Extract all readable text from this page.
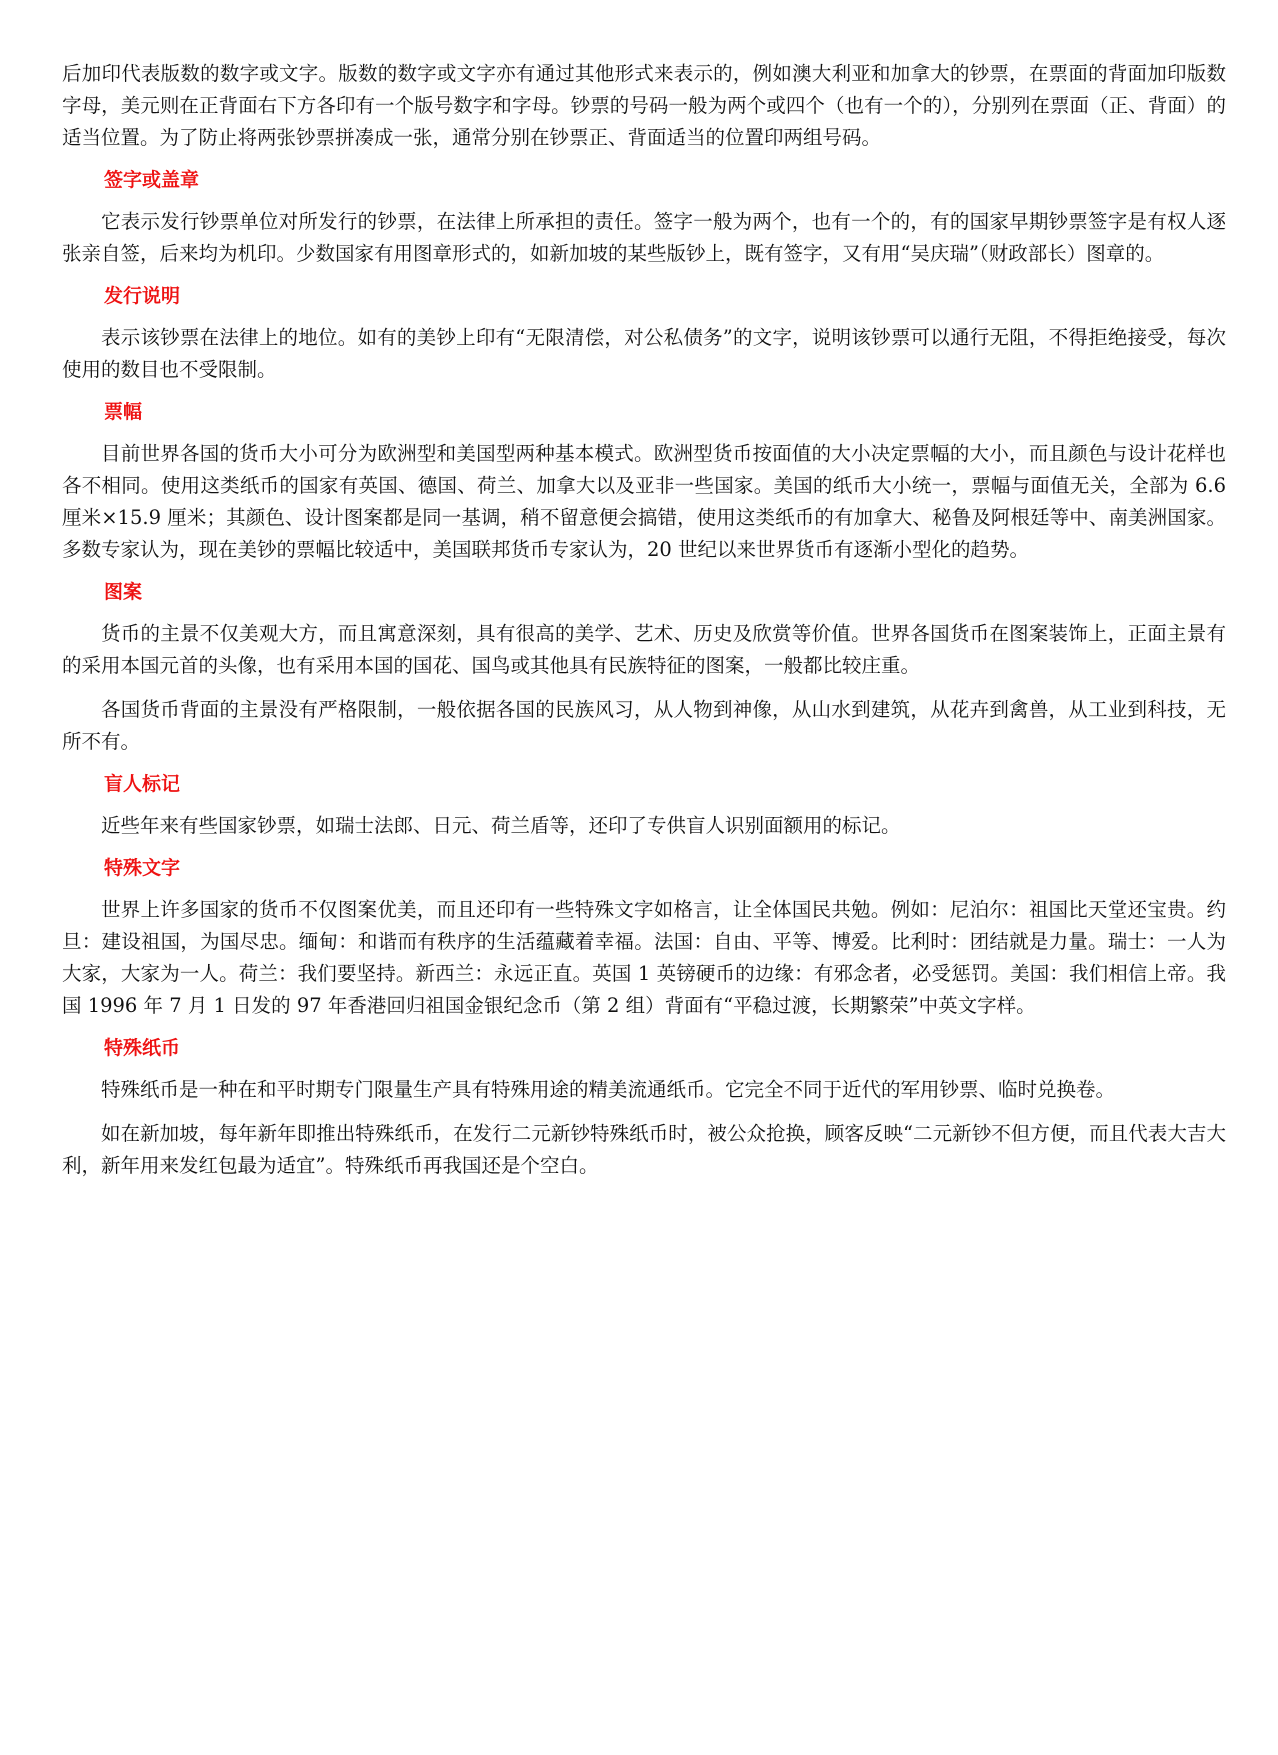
后加印代表版数的数字或文字。版数的数字或文字亦有通过其他形式来表示的，例如澳大利亚和加拿大的钞票，在票面的背面加印版数字母，美元则在正背面右下方各印有一个版号数字和字母。钞票的号码一般为两个或四个（也有一个的），分别列在票面（正、背面）的适当位置。为了防止将两张钞票拼凑成一张，通常分别在钞票正、背面适当的位置印两组号码。

签字或盖章

它表示发行钞票单位对所发行的钞票，在法律上所承担的责任。签字一般为两个，也有一个的，有的国家早期钞票签字是有权人逐张亲自签，后来均为机印。少数国家有用图章形式的，如新加坡的某些版钞上，既有签字，又有用“吴庆瑞”（财政部长）图章的。

发行说明

表示该钞票在法律上的地位。如有的美钞上印有“无限清偿，对公私债务”的文字，说明该钞票可以通行无阻，不得拒绝接受，每次使用的数目也不受限制。

票幅

目前世界各国的货币大小可分为欧洲型和美国型两种基本模式。欧洲型货币按面值的大小决定票幅的大小，而且颜色与设计花样也各不相同。使用这类纸币的国家有英国、德国、荷兰、加拿大以及亚非一些国家。美国的纸币大小统一，票幅与面值无关，全部为 6.6 厘米×15.9 厘米；其颜色、设计图案都是同一基调，稍不留意便会搞错，使用这类纸币的有加拿大、秘鲁及阿根廷等中、南美洲国家。多数专家认为，现在美钞的票幅比较适中，美国联邦货币专家认为，20 世纪以来世界货币有逐渐小型化的趋势。

图案

货币的主景不仅美观大方，而且寓意深刻，具有很高的美学、艺术、历史及欣赏等价值。世界各国货币在图案装饰上，正面主景有的采用本国元首的头像，也有采用本国的国花、国鸟或其他具有民族特征的图案，一般都比较庄重。

各国货币背面的主景没有严格限制，一般依据各国的民族风习，从人物到神像，从山水到建筑，从花卉到禽兽，从工业到科技，无所不有。

盲人标记

近些年来有些国家钞票，如瑞士法郎、日元、荷兰盾等，还印了专供盲人识别面额用的标记。

特殊文字

世界上许多国家的货币不仅图案优美，而且还印有一些特殊文字如格言，让全体国民共勉。例如：尼泊尔：祖国比天堂还宝贵。约旦：建设祖国，为国尽忠。缅甸：和谐而有秩序的生活蕴藏着幸福。法国：自由、平等、博爱。比利时：团结就是力量。瑞士：一人为大家，大家为一人。荷兰：我们要坚持。新西兰：永远正直。英国 1 英镑硬币的边缘：有邪念者，必受惩罚。美国：我们相信上帝。我国 1996 年 7 月 1 日发的 97 年香港回归祖国金银纪念币（第 2 组）背面有“平稳过渡，长期繁荣”中英文字样。

特殊纸币

特殊纸币是一种在和平时期专门限量生产具有特殊用途的精美流通纸币。它完全不同于近代的军用钞票、临时兑换卷。

如在新加坡，每年新年即推出特殊纸币，在发行二元新钞特殊纸币时，被公众抢换，顾客反映“二元新钞不但方便，而且代表大吉大利，新年用来发红包最为适宜”。特殊纸币再我国还是个空白。
